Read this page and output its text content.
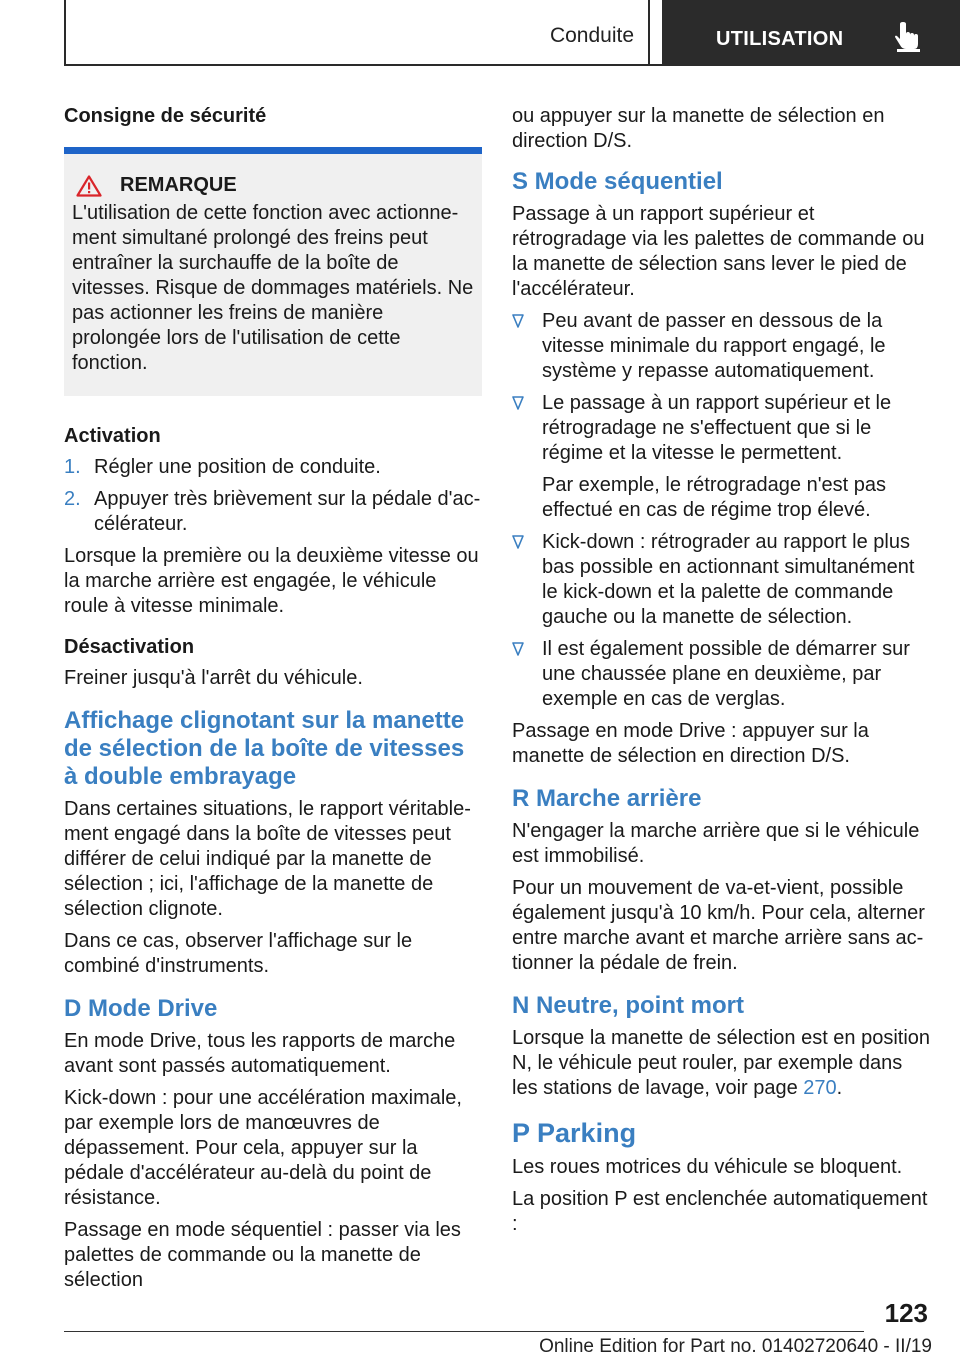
Conduite	UTILISATION
Consigne de sécurité
REMARQUE

L'utilisation de cette fonction avec actionnement simultané prolongé des freins peut entraîner la surchauffe de la boîte de vitesses. Risque de dommages matériels. Ne pas actionner les freins de manière prolongée lors de l'utilisation de cette fonction.

Activation
1. Régler une position de conduite.
2. Appuyer très brièvement sur la pédale d'accélérateur.

Lorsque la première ou la deuxième vitesse ou la marche arrière est engagée, le véhicule roule à vitesse minimale.

Désactivation

Freiner jusqu'à l'arrêt du véhicule.

Affichage clignotant sur la manette de sélection de la boîte de vitesses à double embrayage

Dans certaines situations, le rapport véritablement engagé dans la boîte de vitesses peut différer de celui indiqué par la manette de sélection ; ici, l'affichage de la manette de sélection clignote.

Dans ce cas, observer l'affichage sur le combiné d'instruments.

D Mode Drive

En mode Drive, tous les rapports de marche avant sont passés automatiquement.

Kick-down : pour une accélération maximale, par exemple lors de manœuvres de dépassement. Pour cela, appuyer sur la pédale d'accélérateur au-delà du point de résistance.

Passage en mode séquentiel : passer via les palettes de commande ou la manette de sélection

ou appuyer sur la manette de sélection en direction D/S.

S Mode séquentiel

Passage à un rapport supérieur et rétrogradage via les palettes de commande ou la manette de sélection sans lever le pied de l'accélérateur.

Peu avant de passer en dessous de la vitesse minimale du rapport engagé, le système y repasse automatiquement.
Le passage à un rapport supérieur et le rétrogradage ne s'effectuent que si le régime et la vitesse le permettent.
Par exemple, le rétrogradage n'est pas effectué en cas de régime trop élevé.
Kick-down : rétrograder au rapport le plus bas possible en actionnant simultanément le kick-down et la palette de commande gauche ou la manette de sélection.
Il est également possible de démarrer sur une chaussée plane en deuxième, par exemple en cas de verglas.

Passage en mode Drive : appuyer sur la manette de sélection en direction D/S.

R Marche arrière

N'engager la marche arrière que si le véhicule est immobilisé.

Pour un mouvement de va-et-vient, possible également jusqu'à 10 km/h. Pour cela, alterner entre marche avant et marche arrière sans actionner la pédale de frein.

N Neutre, point mort

Lorsque la manette de sélection est en position N, le véhicule peut rouler, par exemple dans les stations de lavage, voir page 270.

P Parking

Les roues motrices du véhicule se bloquent.

La position P est enclenchée automatiquement :

123
Online Edition for Part no. 01402720640 - II/19
